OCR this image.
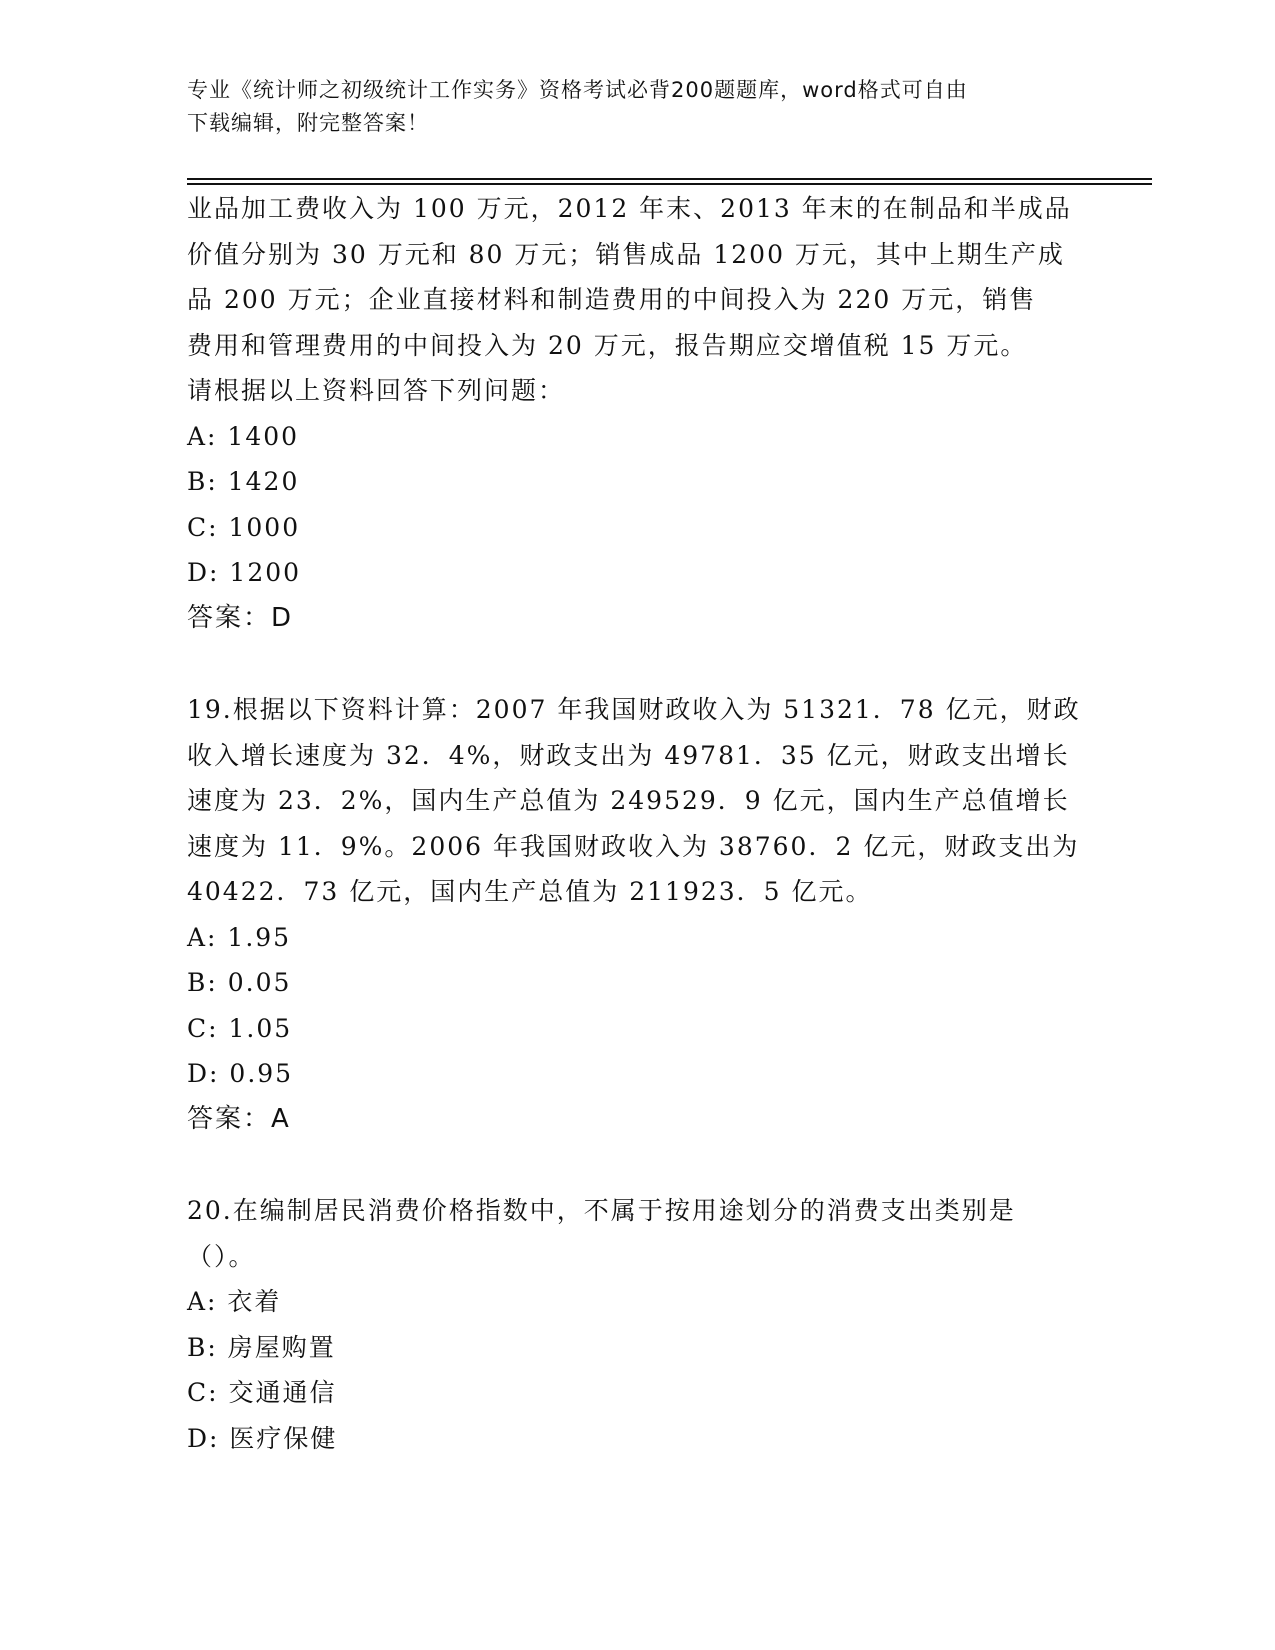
专业《统计师之初级统计工作实务》资格考试必背200题题库，word格式可自由
下载编辑，附完整答案！

业品加工费收入为 100 万元，2012 年末、2013 年末的在制品和半成品

价值分别为 30 万元和 80 万元；销售成品 1200 万元，其中上期生产成

品 200 万元；企业直接材料和制造费用的中间投入为 220 万元，销售

费用和管理费用的中间投入为 20 万元，报告期应交增值税 15 万元。

请根据以上资料回答下列问题：

A: 1400

B: 1420

C: 1000

D: 1200

答案：D

19.根据以下资料计算：2007 年我国财政收入为 51321．78 亿元，财政

收入增长速度为 32．4%，财政支出为 49781．35 亿元，财政支出增长

速度为 23．2%，国内生产总值为 249529．9 亿元，国内生产总值增长

速度为 11．9%。2006 年我国财政收入为 38760．2 亿元，财政支出为

40422．73 亿元，国内生产总值为 211923．5 亿元。

A: 1.95

B: 0.05

C: 1.05

D: 0.95

答案：A

20.在编制居民消费价格指数中，不属于按用途划分的消费支出类别是

（）。

A: 衣着

B: 房屋购置

C: 交通通信

D: 医疗保健
